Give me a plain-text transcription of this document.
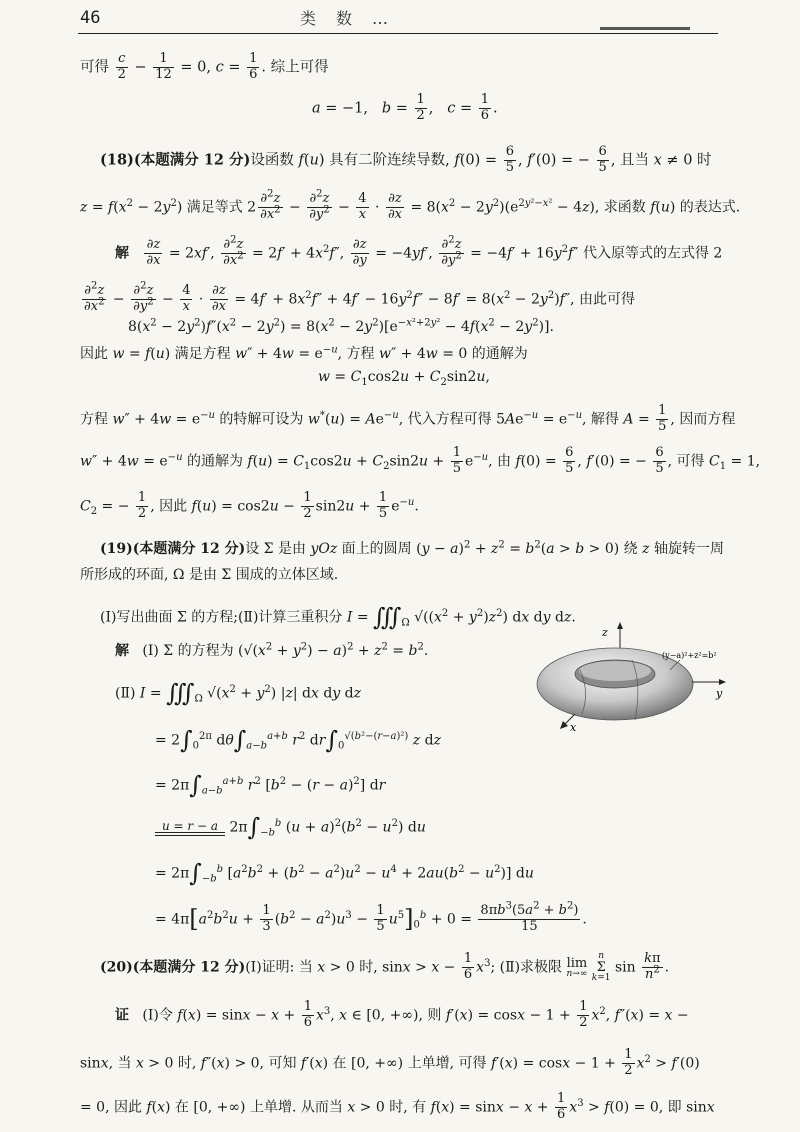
46	类　数　…
可得 $\frac{c}{2} - \frac{1}{12} = 0$, $c = \frac{1}{6}$ . 综上可得
a = −1,   $b = \frac{1}{2}$ ,   $c = \frac{1}{6}$ .
(18)(本题满分 12 分)设函数 f(u) 具有二阶连续导数, $f(0) = \frac{6}{5}$ , f′(0) = − $\frac{6}{5}$ , 且当 x ≠ 0 时
$z = f(x^2 - 2y^2)$ 满足等式 $2 \frac{\partial^2z}{\partial x^2} - \frac{\partial^2z}{\partial y^2} - \frac{4}{x} \cdot \frac{\partial z}{\partial x} = 8(x^2 - 2y^2)(e^{2y^2-x^2} - 4z)$, 求函数 f(u) 的表达式.
解 $\frac{\partial z}{\partial x} = 2xf'$, $\frac{\partial^2z}{\partial x^2} = 2f' + 4x^2f''$, $\frac{\partial z}{\partial y} = -4yf'$, $\frac{\partial^2z}{\partial y^2} = -4f' + 16y^2f''$ 代入原等式的左式得 2
$\frac{\partial^2z}{\partial x^2} - \frac{\partial^2z}{\partial y^2} - \frac{4}{x} \cdot \frac{\partial z}{\partial x} = 4f' + 8x^2f'' + 4f' - 16y^2f'' - 8f' = 8(x^2 - 2y^2)f''$, 由此可得
$8(x^2 - 2y^2)f''(x^2 - 2y^2) = 8(x^2 - 2y^2)[e^{-x^2+2y^2} - 4f(x^2 - 2y^2)]$.
因此 w = f(u) 满足方程 $w'' + 4w = e^{-u}$, 方程 w″ + 4w = 0 的通解为
$w = C_1\cos 2u + C_2\sin 2u$,
方程 $w'' + 4w = e^{-u}$ 的特解可设为 $w^*(u) = Ae^{-u}$, 代入方程可得 $5Ae^{-u} = e^{-u}$, 解得 $A = \frac{1}{5}$ , 因而方程
$w'' + 4w = e^{-u}$ 的通解为 $f(u) = C_1\cos 2u + C_2\sin 2u + \frac{1}{5} e^{-u}$, 由 $f(0) = \frac{6}{5}$ , f′(0) = − $\frac{6}{5}$ , 可得 $C_1 = 1$,
$C_2$ = − $\frac{1}{2}$ , 因此 $f(u) = \cos 2u - \frac{1}{2} \sin 2u + \frac{1}{5} e^{-u}$.
(19)(本题满分 12 分)设 Σ 是由 yOz 面上的圆周 $(y - a)^2 + z^2 = b^2(a > b > 0)$ 绕 z 轴旋转一周
所形成的环面, Ω 是由 Σ 围成的立体区域.
(Ⅰ)写出曲面 Σ 的方程;(Ⅱ)计算三重积分 $I = ∭_\Omega$ $√((x^2 + y^2)z^2)$ dx dy dz.
解   (Ⅰ) Σ 的方程为 $(√(x^2 + y^2) - a)^2 + z^2 = b^2$.
(Ⅱ) $I = ∭_\Omega$ $√(x^2 + y^2)$ |z| dx dy dz
= $2\int_0^{2\pi}$ $d\theta\int_{a-b}^{a+b}$ $r^2$ $dr\int_0^{√(b^2-(r-a)^2)}$ z dz
= $2\pi\int_{a-b}^{a+b}$ $r^2$ $[b^2 - (r - a)^2]$ dr
u = r − a $2\pi\int_{-b}^b$ $(u + a)^2(b^2 - u^2)$ du
= $2\pi\int_{-b}^b$ $[a^2b^2 + (b^2 - a^2)u^2 - u^4 + 2au(b^2 - u^2)]$ du
= $4\pi[a^2b^2u + \frac{1}{3} (b^2 - a^2)u^3 - \frac{1}{5} u^5]_0^b + 0 = \frac{8\pi b^3(5a^2 + b^2)}{15}$ .
(20)(本题满分 12 分)(Ⅰ)证明: 当 x > 0 时, $\sin x > x - \frac{1}{6} x^3$; (Ⅱ)求极限 lim
n→∞

n
Σ
k=1
$\sin \frac{k\pi}{n^2}$ .
证   (Ⅰ)令 $f(x) = \sin x - x + \frac{1}{6} x^3$, x ∈ [0, +∞), 则 $f'(x) = \cos x - 1 + \frac{1}{2} x^2$, f″(x) = x −
sinx, 当 x > 0 时, f″(x) > 0, 可知 f′(x) 在 [0, +∞) 上单增, 可得 $f'(x) = \cos x - 1 + \frac{1}{2} x^2 > f'(0)$
= 0, 因此 f(x) 在 [0, +∞) 上单增. 从而当 x > 0 时, 有 $f(x) = \sin x - x + \frac{1}{6} x^3 > f(0) = 0$, 即 sinx
z
y
x
(y−a)²+z²=b²
